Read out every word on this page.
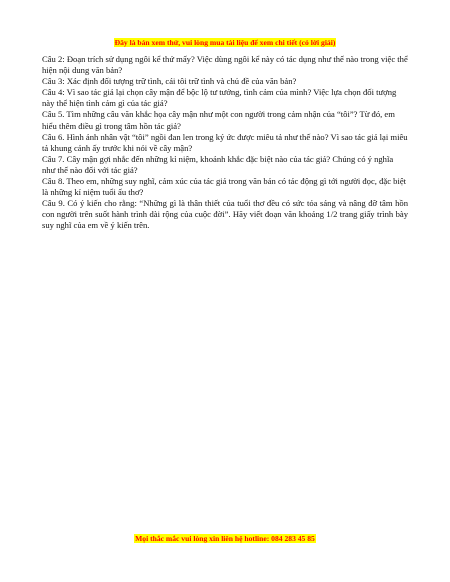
Đây là bản xem thử, vui lòng mua tài liệu để xem chi tiết (có lời giải)
Câu 2: Đoạn trích sử dụng ngôi kể thứ mấy? Việc dùng ngôi kể này có tác dụng như thế nào trong việc thể hiện nội dung văn bản?
Câu 3: Xác định đối tượng trữ tình, cái tôi trữ tình và chủ đề của văn bản?
Câu 4: Vì sao tác giả lại chọn cây mận để bộc lộ tư tưởng, tình cảm của mình? Việc lựa chọn đối tượng này thể hiện tình cảm gì của tác giả?
Câu 5. Tìm những câu văn khắc họa cây mận như một con người trong cảm nhận của “tôi”? Từ đó, em hiểu thêm điều gì trong tâm hồn tác giả?
Câu 6. Hình ảnh nhân vật “tôi” ngồi đan len trong ký ức được miêu tả như thế nào? Vì sao tác giả lại miêu tả khung cảnh ấy trước khi nói về cây mận?
Câu 7. Cây mận gợi nhắc đến những kỉ niệm, khoảnh khắc đặc biệt nào của tác giả? Chúng có ý nghĩa như thế nào đối với tác giả?
Câu 8. Theo em, những suy nghĩ, cảm xúc của tác giả trong văn bản có tác động gì tới người đọc, đặc biệt là những kỉ niệm tuổi ấu thơ?
Câu 9. Có ý kiến cho rằng: “Những gì là thân thiết của tuổi thơ đều có sức tỏa sáng và nâng đỡ tâm hồn con người trên suốt hành trình dài rộng của cuộc đời”. Hãy viết đoạn văn khoảng 1/2 trang giấy trình bày suy nghĩ của em về ý kiến trên.
Mọi thắc mắc vui lòng xin liên hệ hotline: 084 283 45 85
